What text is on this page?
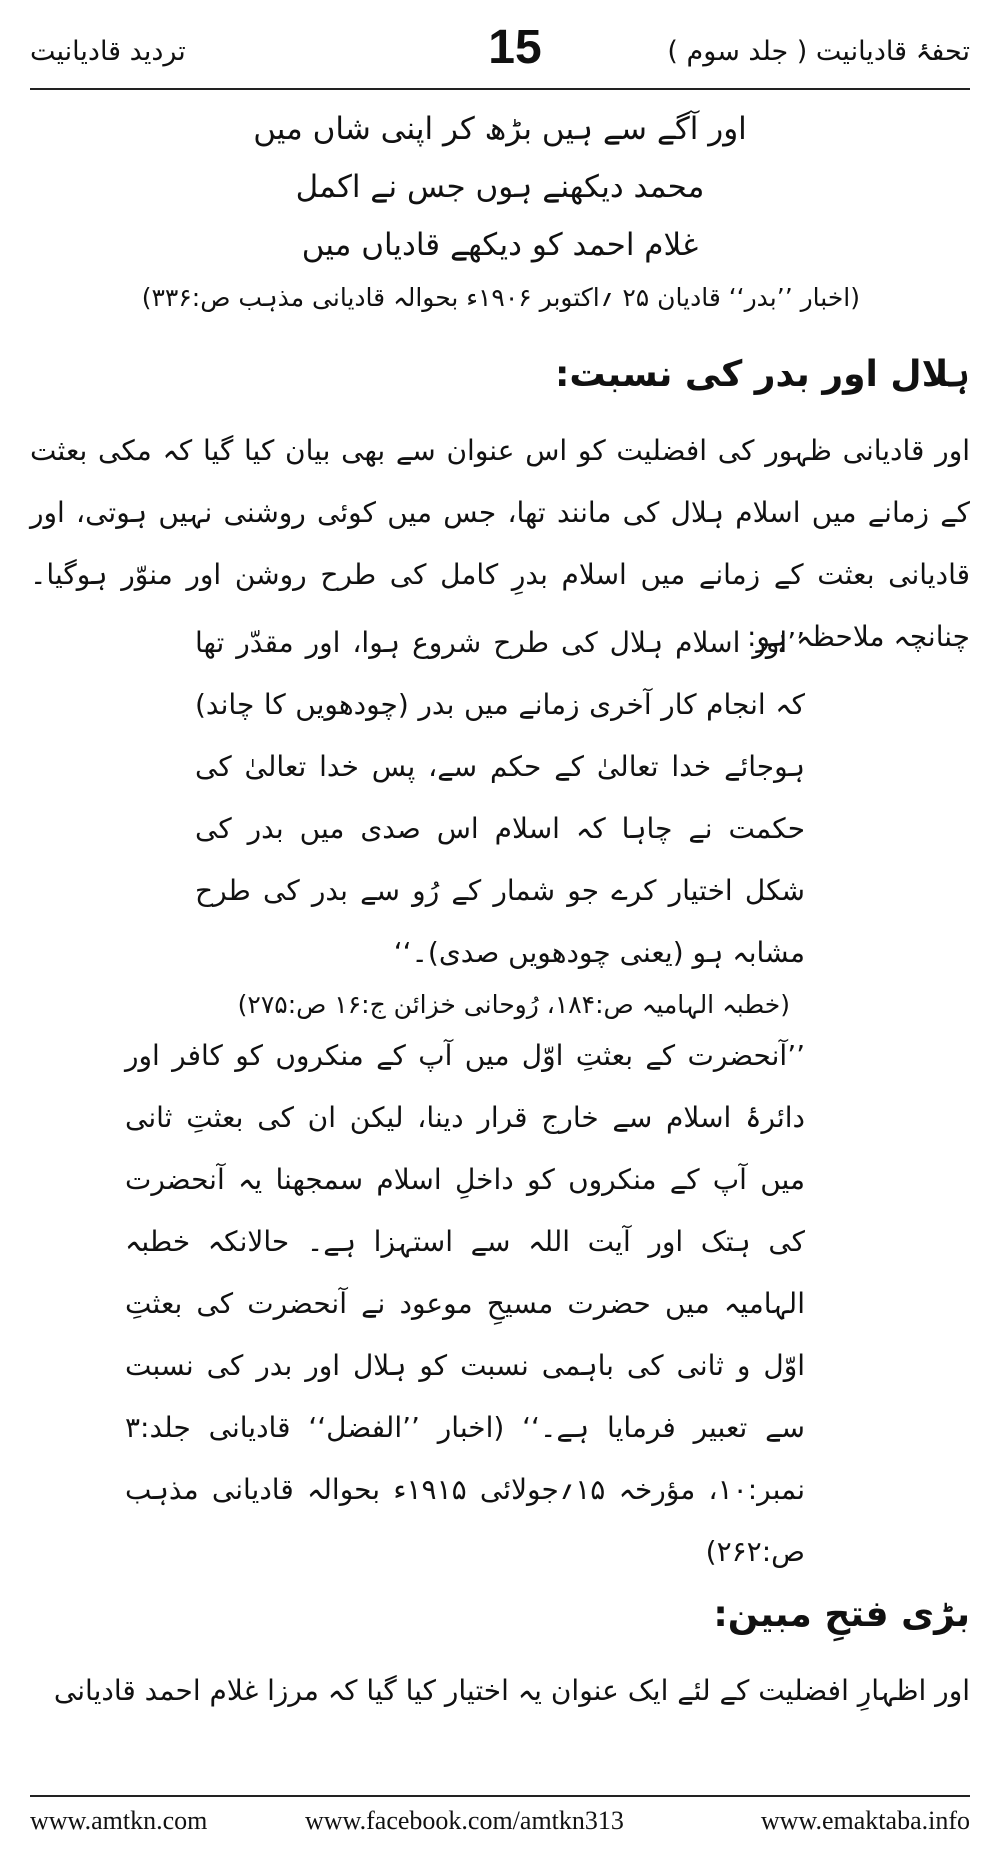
تحفۂ قادیانیت ( جلد سوم )
15
تردید قادیانیت
اور آگے سے ہیں بڑھ کر اپنی شاں میں
محمد دیکھنے ہوں جس نے اکمل
غلام احمد کو دیکھے قادیاں میں
(اخبار ’’بدر‘‘ قادیان ۲۵ ؍اکتوبر ۱۹۰۶ء بحوالہ قادیانی مذہب ص:۳۳۶)
ہلال اور بدر کی نسبت:
اور قادیانی ظہور کی افضلیت کو اس عنوان سے بھی بیان کیا گیا کہ مکی بعثت کے زمانے میں اسلام ہلال کی مانند تھا، جس میں کوئی روشنی نہیں ہوتی، اور قادیانی بعثت کے زمانے میں اسلام بدرِ کامل کی طرح روشن اور منوّر ہوگیا۔ چنانچہ ملاحظہ ہو:
’’اور اسلام ہلال کی طرح شروع ہوا، اور مقدّر تھا کہ انجام کار آخری زمانے میں بدر (چودھویں کا چاند) ہوجائے خدا تعالیٰ کے حکم سے، پس خدا تعالیٰ کی حکمت نے چاہا کہ اسلام اس صدی میں بدر کی شکل اختیار کرے جو شمار کے رُو سے بدر کی طرح مشابہ ہو (یعنی چودھویں صدی)۔‘‘
(خطبہ الہامیہ ص:۱۸۴، رُوحانی خزائن ج:۱۶ ص:۲۷۵)
’’آنحضرت کے بعثتِ اوّل میں آپ کے منکروں کو کافر اور دائرۂ اسلام سے خارج قرار دینا، لیکن ان کی بعثتِ ثانی میں آپ کے منکروں کو داخلِ اسلام سمجھنا یہ آنحضرت کی ہتک اور آیت اللہ سے استہزا ہے۔ حالانکہ خطبہ الہامیہ میں حضرت مسیحِ موعود نے آنحضرت کی بعثتِ اوّل و ثانی کی باہمی نسبت کو ہلال اور بدر کی نسبت سے تعبیر فرمایا ہے۔‘‘ (اخبار ’’الفضل‘‘ قادیانی جلد:۳ نمبر:۱۰، مؤرخہ ۱۵؍جولائی ۱۹۱۵ء بحوالہ قادیانی مذہب ص:۲۶۲)
بڑی فتحِ مبین:
اور اظہارِ افضلیت کے لئے ایک عنوان یہ اختیار کیا گیا کہ مرزا غلام احمد قادیانی
www.amtkn.com	www.facebook.com/amtkn313	www.emaktaba.info
